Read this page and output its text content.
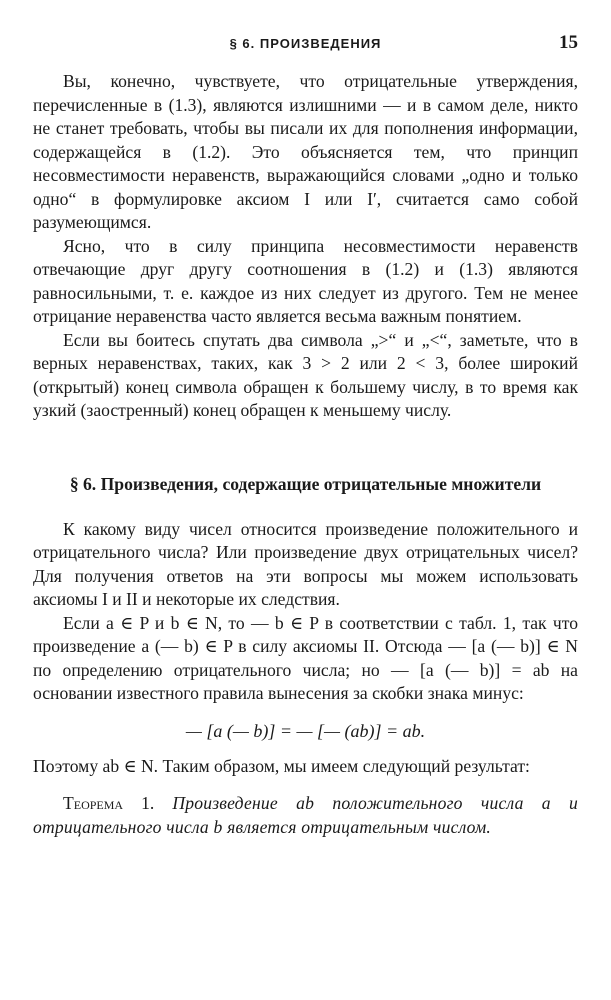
§ 6. ПРОИЗВЕДЕНИЯ	15

Вы, конечно, чувствуете, что отрицательные утверждения, перечисленные в (1.3), являются излишними — и в самом деле, никто не станет требовать, чтобы вы писали их для пополнения информации, содержащейся в (1.2). Это объясняется тем, что принцип несовместимости неравенств, выражающийся словами „одно и только одно“ в формулировке аксиом I или I′, считается само собой разумеющимся.

Ясно, что в силу принципа несовместимости неравенств отвечающие друг другу соотношения в (1.2) и (1.3) являются равносильными, т. е. каждое из них следует из другого. Тем не менее отрицание неравенства часто является весьма важным понятием.

Если вы боитесь спутать два символа „>“ и „<“, заметьте, что в верных неравенствах, таких, как 3 > 2 или 2 < 3, более широкий (открытый) конец символа обращен к большему числу, в то время как узкий (заостренный) конец обращен к меньшему числу.

§ 6. Произведения, содержащие отрицательные множители

К какому виду чисел относится произведение положительного и отрицательного числа? Или произведение двух отрицательных чисел? Для получения ответов на эти вопросы мы можем использовать аксиомы I и II и некоторые их следствия.

Если a ∈ P и b ∈ N, то — b ∈ P в соответствии с табл. 1, так что произведение a (— b) ∈ P в силу аксиомы II. Отсюда — [a (— b)] ∈ N по определению отрицательного числа; но — [a (— b)] = ab на основании известного правила вынесения за скобки знака минус:

— [a (— b)] = — [— (ab)] = ab.

Поэтому ab ∈ N. Таким образом, мы имеем следующий результат:

Теорема 1. Произведение ab положительного числа a и отрицательного числа b является отрицательным числом.
